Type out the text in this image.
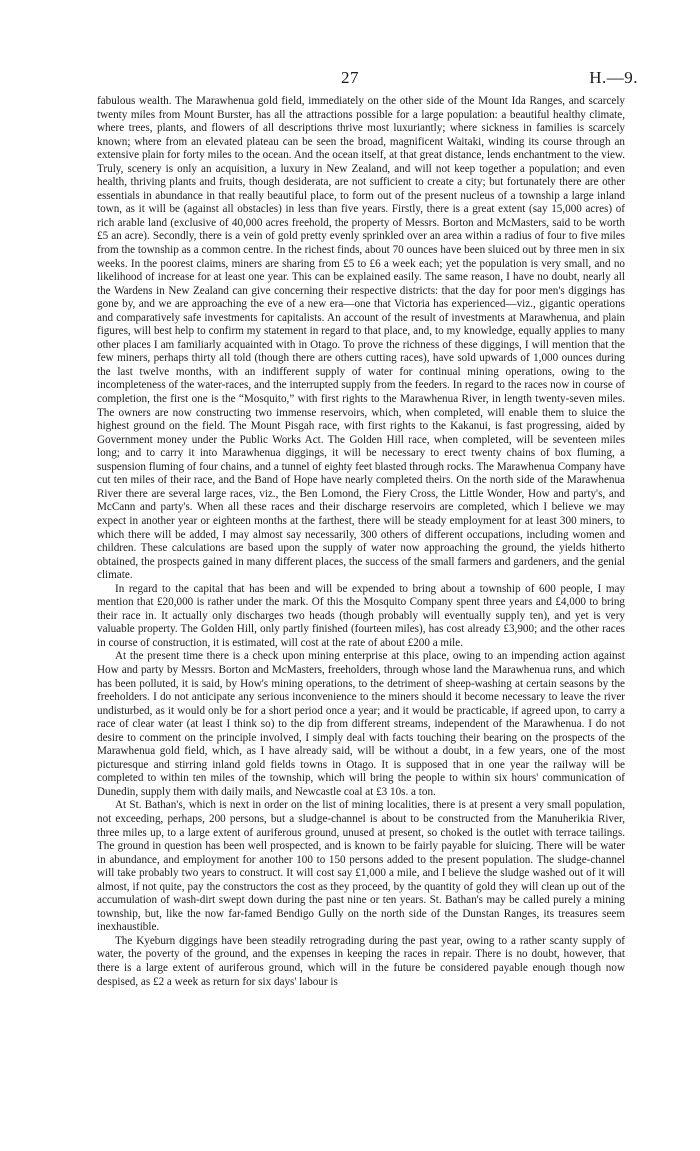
27	H.—9.

fabulous wealth. The Marawhenua gold field, immediately on the other side of the Mount Ida Ranges, and scarcely twenty miles from Mount Burster, has all the attractions possible for a large population: a beautiful healthy climate, where trees, plants, and flowers of all descriptions thrive most luxuriantly; where sickness in families is scarcely known; where from an elevated plateau can be seen the broad, magnificent Waitaki, winding its course through an extensive plain for forty miles to the ocean. And the ocean itself, at that great distance, lends enchantment to the view. Truly, scenery is only an acquisition, a luxury in New Zealand, and will not keep together a population; and even health, thriving plants and fruits, though desiderata, are not sufficient to create a city; but fortunately there are other essentials in abundance in that really beautiful place, to form out of the present nucleus of a township a large inland town, as it will be (against all obstacles) in less than five years. Firstly, there is a great extent (say 15,000 acres) of rich arable land (exclusive of 40,000 acres freehold, the property of Messrs. Borton and McMasters, said to be worth £5 an acre). Secondly, there is a vein of gold pretty evenly sprinkled over an area within a radius of four to five miles from the township as a common centre. In the richest finds, about 70 ounces have been sluiced out by three men in six weeks. In the poorest claims, miners are sharing from £5 to £6 a week each; yet the population is very small, and no likelihood of increase for at least one year. This can be explained easily. The same reason, I have no doubt, nearly all the Wardens in New Zealand can give concerning their respective districts: that the day for poor men's diggings has gone by, and we are approaching the eve of a new era—one that Victoria has experienced—viz., gigantic operations and comparatively safe investments for capitalists. An account of the result of investments at Marawhenua, and plain figures, will best help to confirm my statement in regard to that place, and, to my knowledge, equally applies to many other places I am familiarly acquainted with in Otago. To prove the richness of these diggings, I will mention that the few miners, perhaps thirty all told (though there are others cutting races), have sold upwards of 1,000 ounces during the last twelve months, with an indifferent supply of water for continual mining operations, owing to the incompleteness of the water-races, and the interrupted supply from the feeders. In regard to the races now in course of completion, the first one is the “Mosquito,” with first rights to the Marawhenua River, in length twenty-seven miles. The owners are now constructing two immense reservoirs, which, when completed, will enable them to sluice the highest ground on the field. The Mount Pisgah race, with first rights to the Kakanui, is fast progressing, aided by Government money under the Public Works Act. The Golden Hill race, when completed, will be seventeen miles long; and to carry it into Marawhenua diggings, it will be necessary to erect twenty chains of box fluming, a suspension fluming of four chains, and a tunnel of eighty feet blasted through rocks. The Marawhenua Company have cut ten miles of their race, and the Band of Hope have nearly completed theirs. On the north side of the Marawhenua River there are several large races, viz., the Ben Lomond, the Fiery Cross, the Little Wonder, How and party's, and McCann and party's. When all these races and their discharge reservoirs are completed, which I believe we may expect in another year or eighteen months at the farthest, there will be steady employment for at least 300 miners, to which there will be added, I may almost say necessarily, 300 others of different occupations, including women and children. These calculations are based upon the supply of water now approaching the ground, the yields hitherto obtained, the prospects gained in many different places, the success of the small farmers and gardeners, and the genial climate.

In regard to the capital that has been and will be expended to bring about a township of 600 people, I may mention that £20,000 is rather under the mark. Of this the Mosquito Company spent three years and £4,000 to bring their race in. It actually only discharges two heads (though probably will eventually supply ten), and yet is very valuable property. The Golden Hill, only partly finished (fourteen miles), has cost already £3,900; and the other races in course of construction, it is estimated, will cost at the rate of about £200 a mile.

At the present time there is a check upon mining enterprise at this place, owing to an impending action against How and party by Messrs. Borton and McMasters, freeholders, through whose land the Marawhenua runs, and which has been polluted, it is said, by How's mining operations, to the detriment of sheep-washing at certain seasons by the freeholders. I do not anticipate any serious inconvenience to the miners should it become necessary to leave the river undisturbed, as it would only be for a short period once a year; and it would be practicable, if agreed upon, to carry a race of clear water (at least I think so) to the dip from different streams, independent of the Marawhenua. I do not desire to comment on the principle involved, I simply deal with facts touching their bearing on the prospects of the Marawhenua gold field, which, as I have already said, will be without a doubt, in a few years, one of the most picturesque and stirring inland gold fields towns in Otago. It is supposed that in one year the railway will be completed to within ten miles of the township, which will bring the people to within six hours' communication of Dunedin, supply them with daily mails, and Newcastle coal at £3 10s. a ton.

At St. Bathan's, which is next in order on the list of mining localities, there is at present a very small population, not exceeding, perhaps, 200 persons, but a sludge-channel is about to be constructed from the Manuherikia River, three miles up, to a large extent of auriferous ground, unused at present, so choked is the outlet with terrace tailings. The ground in question has been well prospected, and is known to be fairly payable for sluicing. There will be water in abundance, and employment for another 100 to 150 persons added to the present population. The sludge-channel will take probably two years to construct. It will cost say £1,000 a mile, and I believe the sludge washed out of it will almost, if not quite, pay the constructors the cost as they proceed, by the quantity of gold they will clean up out of the accumulation of wash-dirt swept down during the past nine or ten years. St. Bathan's may be called purely a mining township, but, like the now far-famed Bendigo Gully on the north side of the Dunstan Ranges, its treasures seem inexhaustible.

The Kyeburn diggings have been steadily retrograding during the past year, owing to a rather scanty supply of water, the poverty of the ground, and the expenses in keeping the races in repair. There is no doubt, however, that there is a large extent of auriferous ground, which will in the future be considered payable enough though now despised, as £2 a week as return for six days' labour is
